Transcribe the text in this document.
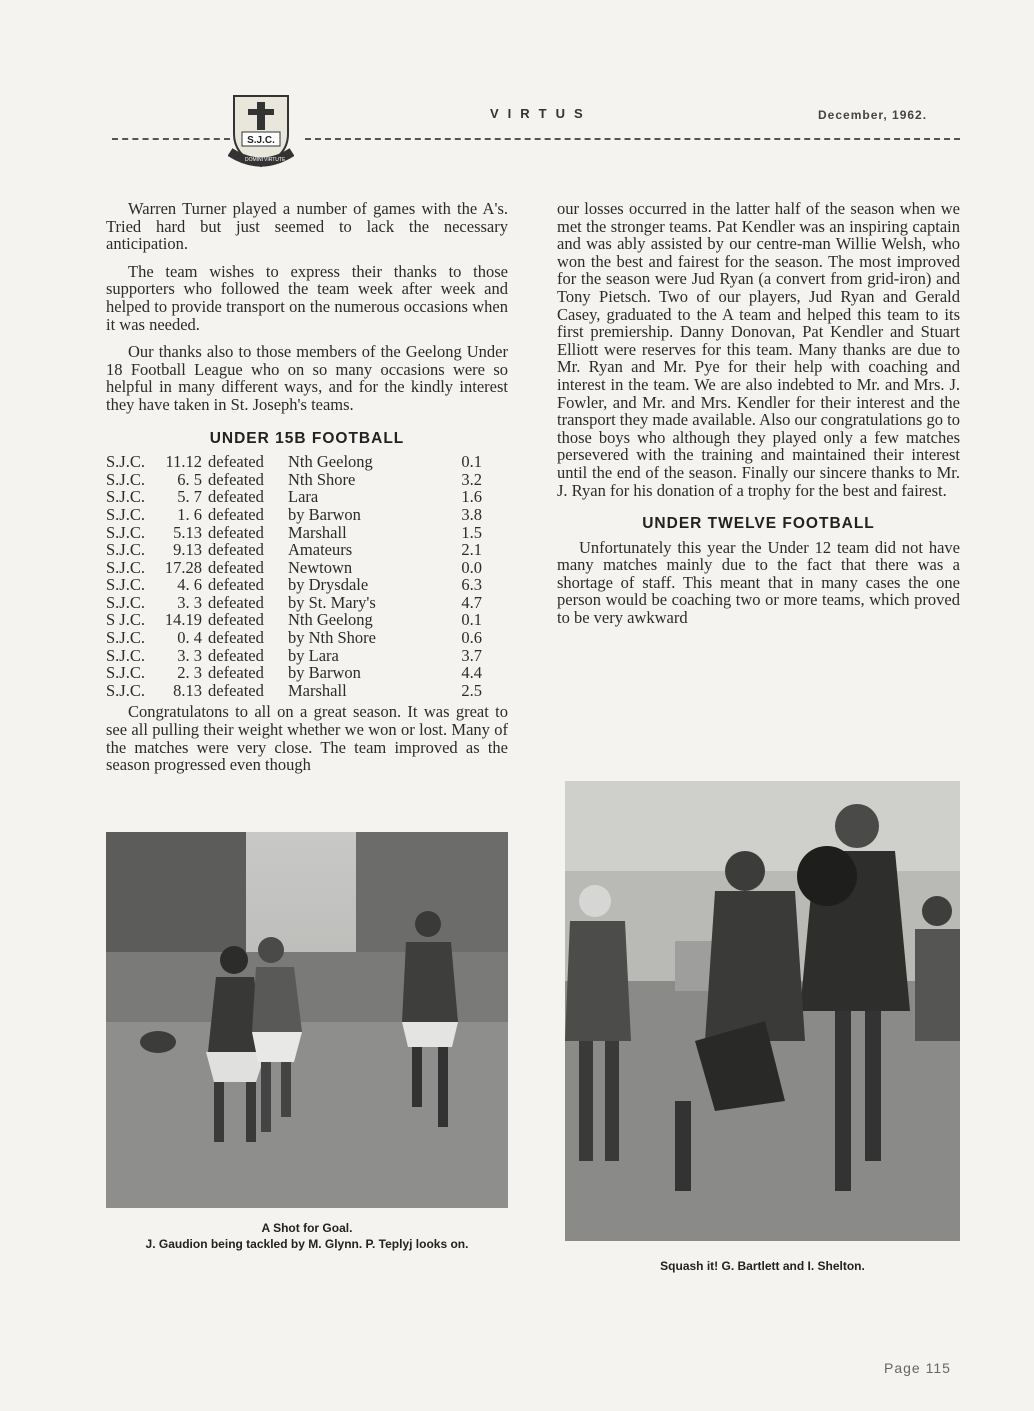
S.J.C.
DOMINI VIRTUTE
VIRTUS	December, 1962.

Warren Turner played a number of games with the A's. Tried hard but just seemed to lack the necessary anticipation.

The team wishes to express their thanks to those supporters who followed the team week after week and helped to provide transport on the numerous occasions when it was needed.

Our thanks also to those members of the Geelong Under 18 Football League who on so many occasions were so helpful in many different ways, and for the kindly interest they have taken in St. Joseph's teams.

UNDER 15B FOOTBALL
S.J.C.	11.12 defeated	Nth Geelong	0.1
S.J.C.	6. 5 defeated	Nth Shore	3.2
S.J.C.	5. 7 defeated	Lara	1.6
S.J.C.	1. 6 defeated	by Barwon	3.8
S.J.C.	5.13 defeated	Marshall	1.5
S.J.C.	9.13 defeated	Amateurs	2.1
S.J.C.	17.28 defeated	Newtown	0.0
S.J.C.	4. 6 defeated	by Drysdale	6.3
S.J.C.	3. 3 defeated	by St. Mary's	4.7
S J.C.	14.19 defeated	Nth Geelong	0.1
S.J.C.	0. 4 defeated	by Nth Shore	0.6
S.J.C.	3. 3 defeated	by Lara	3.7
S.J.C.	2. 3 defeated	by Barwon	4.4
S.J.C.	8.13 defeated	Marshall	2.5

Congratulatons to all on a great season. It was great to see all pulling their weight whether we won or lost. Many of the matches were very close. The team improved as the season progressed even though

our losses occurred in the latter half of the season when we met the stronger teams. Pat Kendler was an inspiring captain and was ably assisted by our centre-man Willie Welsh, who won the best and fairest for the season. The most improved for the season were Jud Ryan (a convert from grid-iron) and Tony Pietsch. Two of our players, Jud Ryan and Gerald Casey, graduated to the A team and helped this team to its first premiership. Danny Donovan, Pat Kendler and Stuart Elliott were reserves for this team. Many thanks are due to Mr. Ryan and Mr. Pye for their help with coaching and interest in the team. We are also indebted to Mr. and Mrs. J. Fowler, and Mr. and Mrs. Kendler for their interest and the transport they made available. Also our congratulations go to those boys who although they played only a few matches persevered with the training and maintained their interest until the end of the season. Finally our sincere thanks to Mr. J. Ryan for his donation of a trophy for the best and fairest.

UNDER TWELVE FOOTBALL

Unfortunately this year the Under 12 team did not have many matches mainly due to the fact that there was a shortage of staff. This meant that in many cases the one person would be coaching two or more teams, which proved to be very awkward

A Shot for Goal.
J. Gaudion being tackled by M. Glynn. P. Teplyj looks on.
Squash it! G. Bartlett and I. Shelton.
Page 115
